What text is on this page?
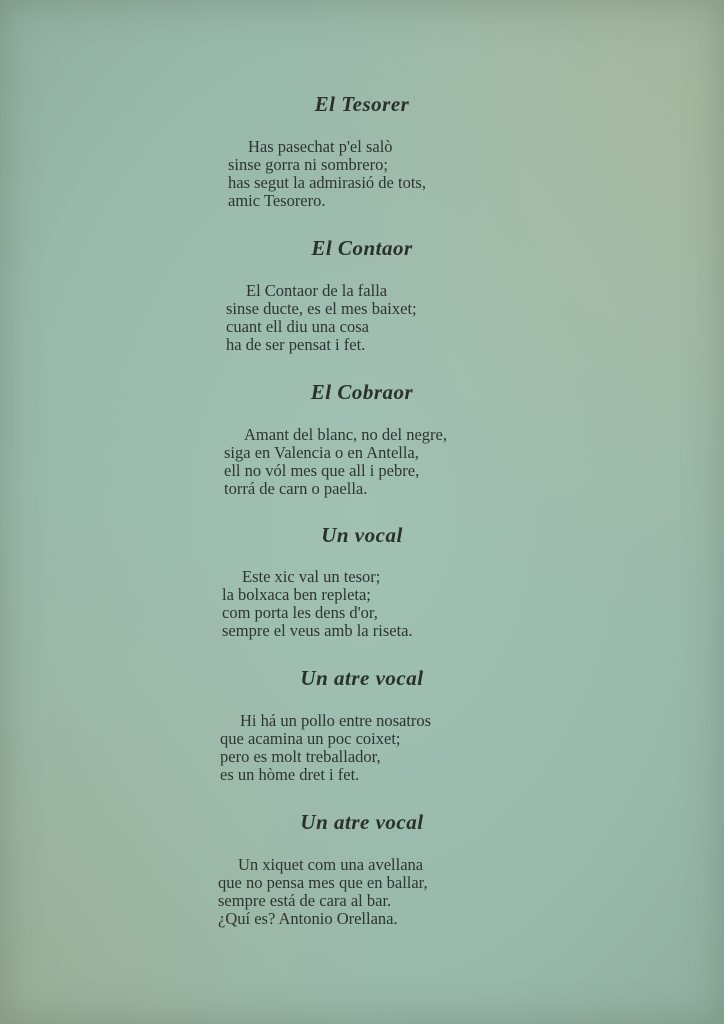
El Tesorer
Has pasechat p'el salò
sinse gorra ni sombrero;
has segut la admirasió de tots,
amic Tesorero.
El Contaor
El Contaor de la falla
sinse ducte, es el mes baixet;
cuant ell diu una cosa
ha de ser pensat i fet.
El Cobraor
Amant del blanc, no del negre,
siga en Valencia o en Antella,
ell no vól mes que all i pebre,
torrá de carn o paella.
Un vocal
Este xic val un tesor;
la bolxaca ben repleta;
com porta les dens d'or,
sempre el veus amb la riseta.
Un atre vocal
Hi há un pollo entre nosatros
que acamina un poc coixet;
pero es molt treballador,
es un hòme dret i fet.
Un atre vocal
Un xiquet com una avellana
que no pensa mes que en ballar,
sempre está de cara al bar.
¿Quí es? Antonio Orellana.
